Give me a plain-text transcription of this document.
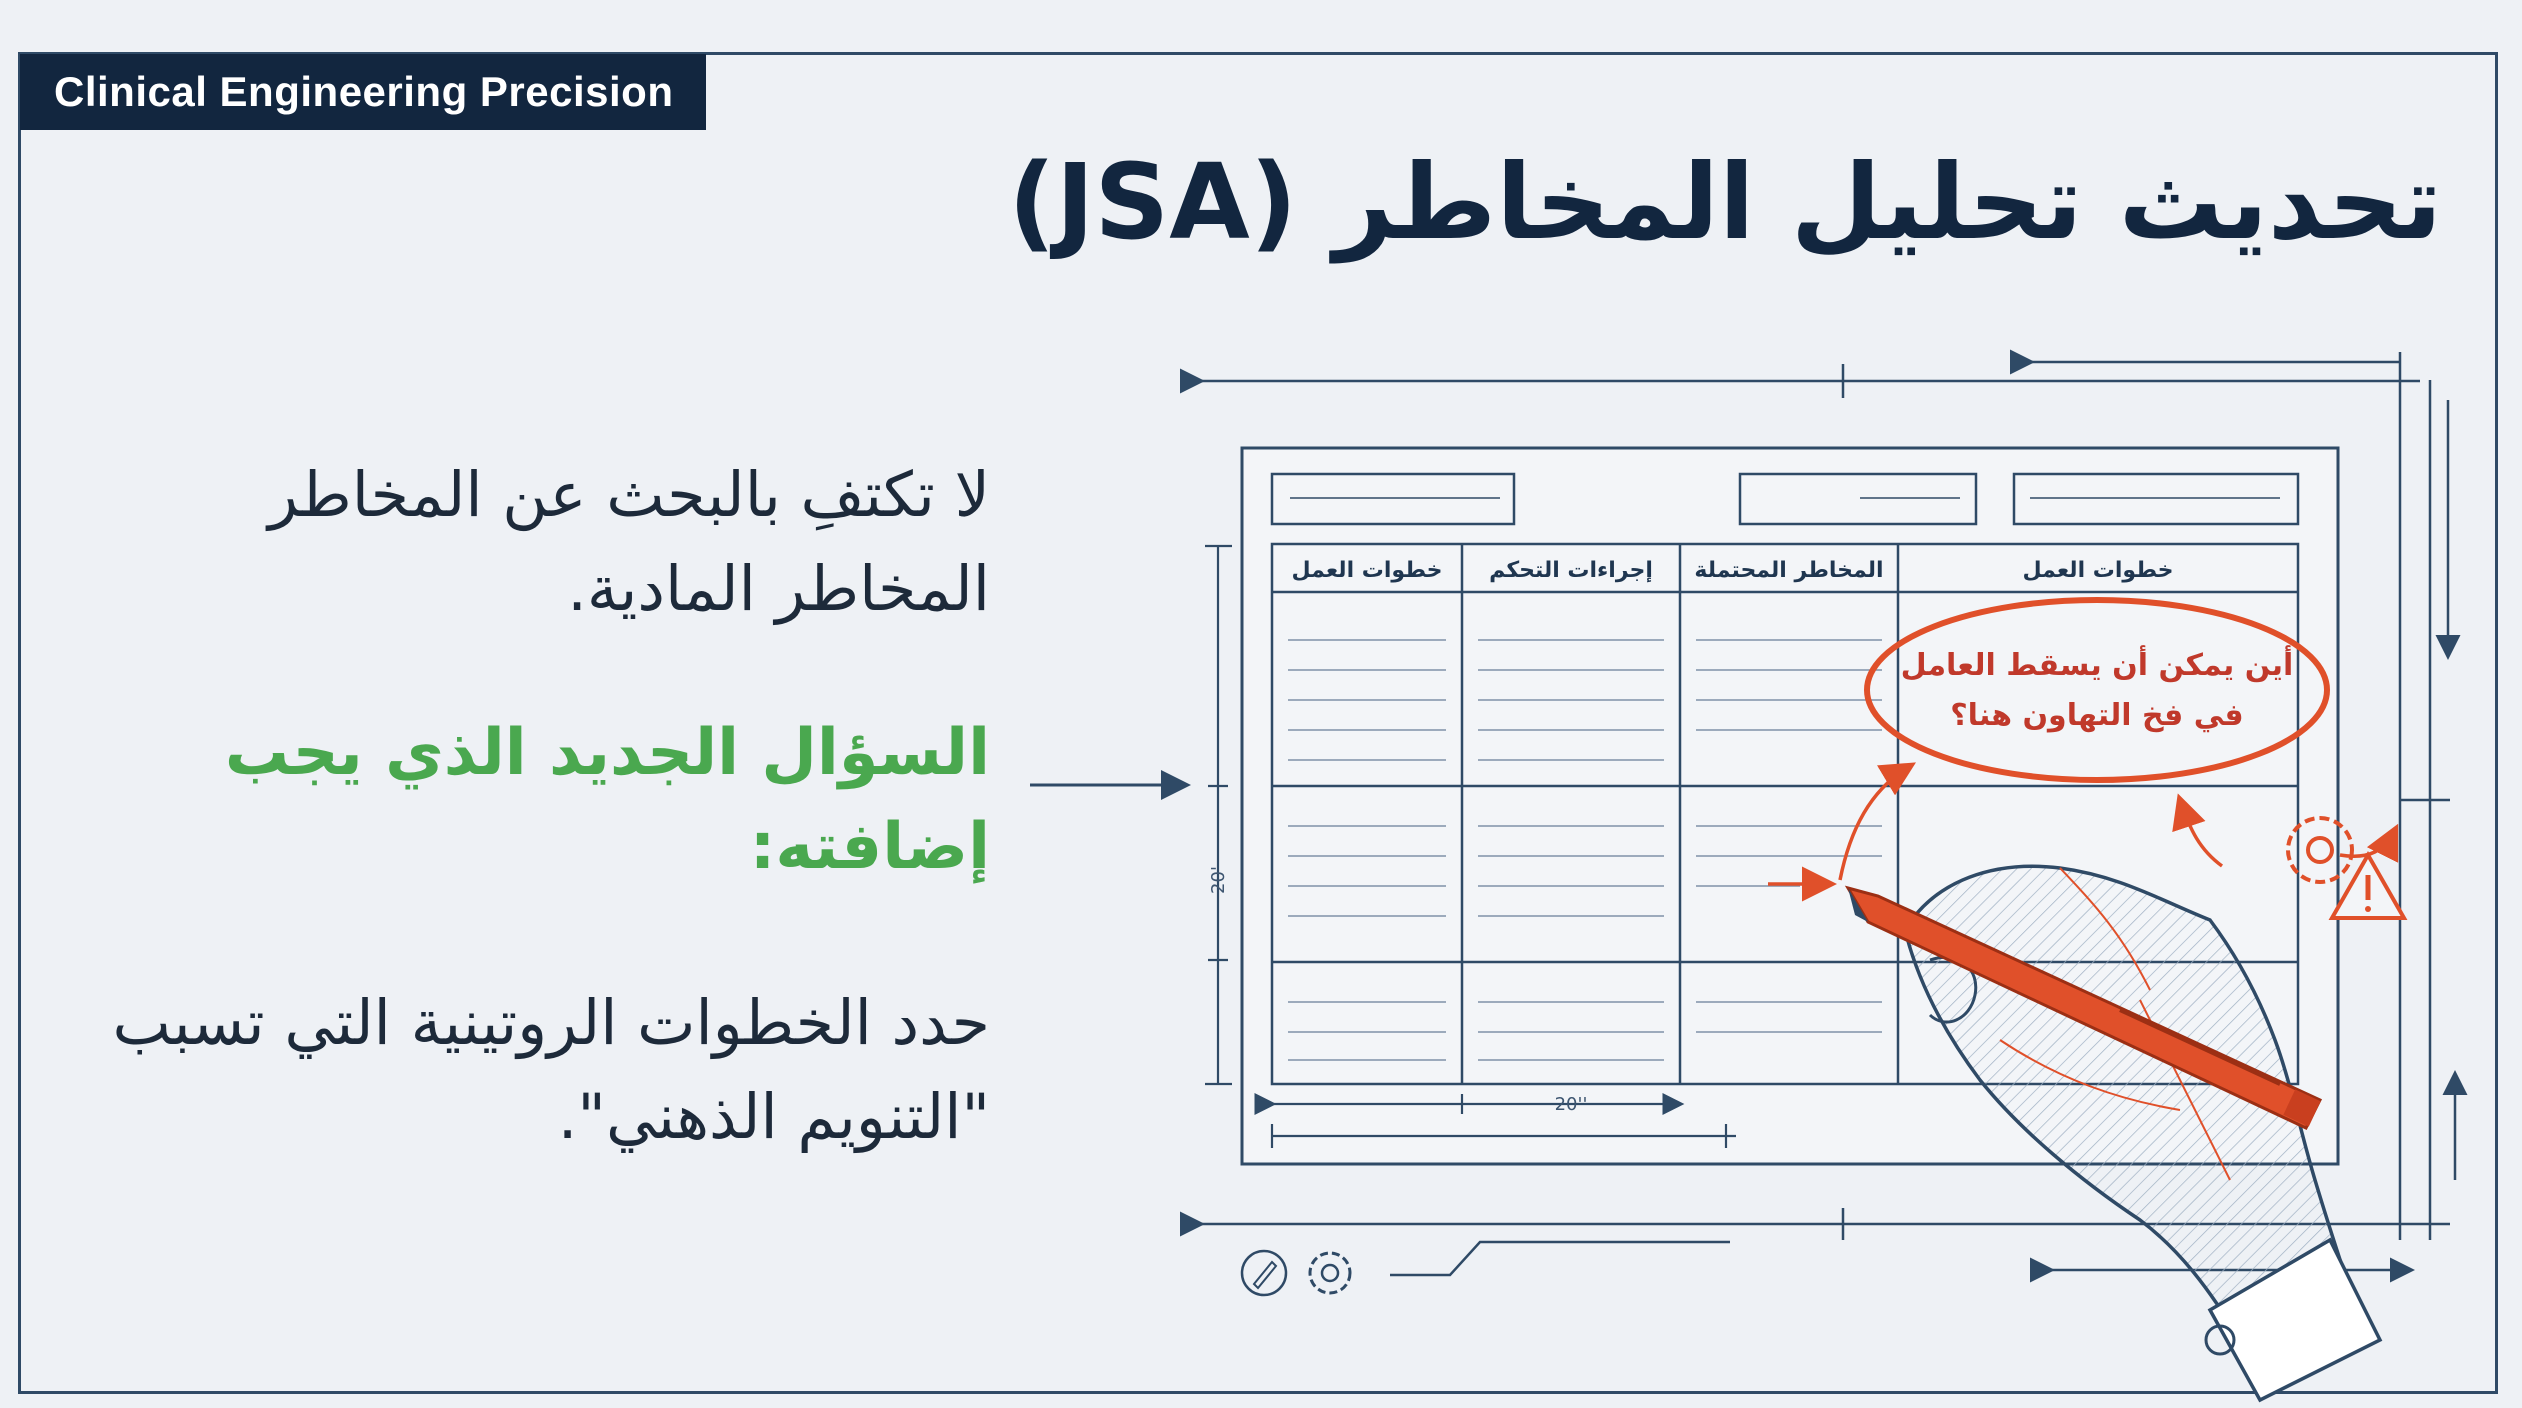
Clinical Engineering Precision
تحديث تحليل المخاطر (JSA)
لا تكتفِ بالبحث عن المخاطر
المخاطر المادية.
السؤال الجديد الذي يجب
إضافته:
حدد الخطوات الروتينية التي تسبب
"التنويم الذهني".
خطوات العمل إجراءات التحكم المخاطر المحتملة	خطوات العمل
20'
20''
أين يمكن أن يسقط العامل
في فخ التهاون هنا؟
